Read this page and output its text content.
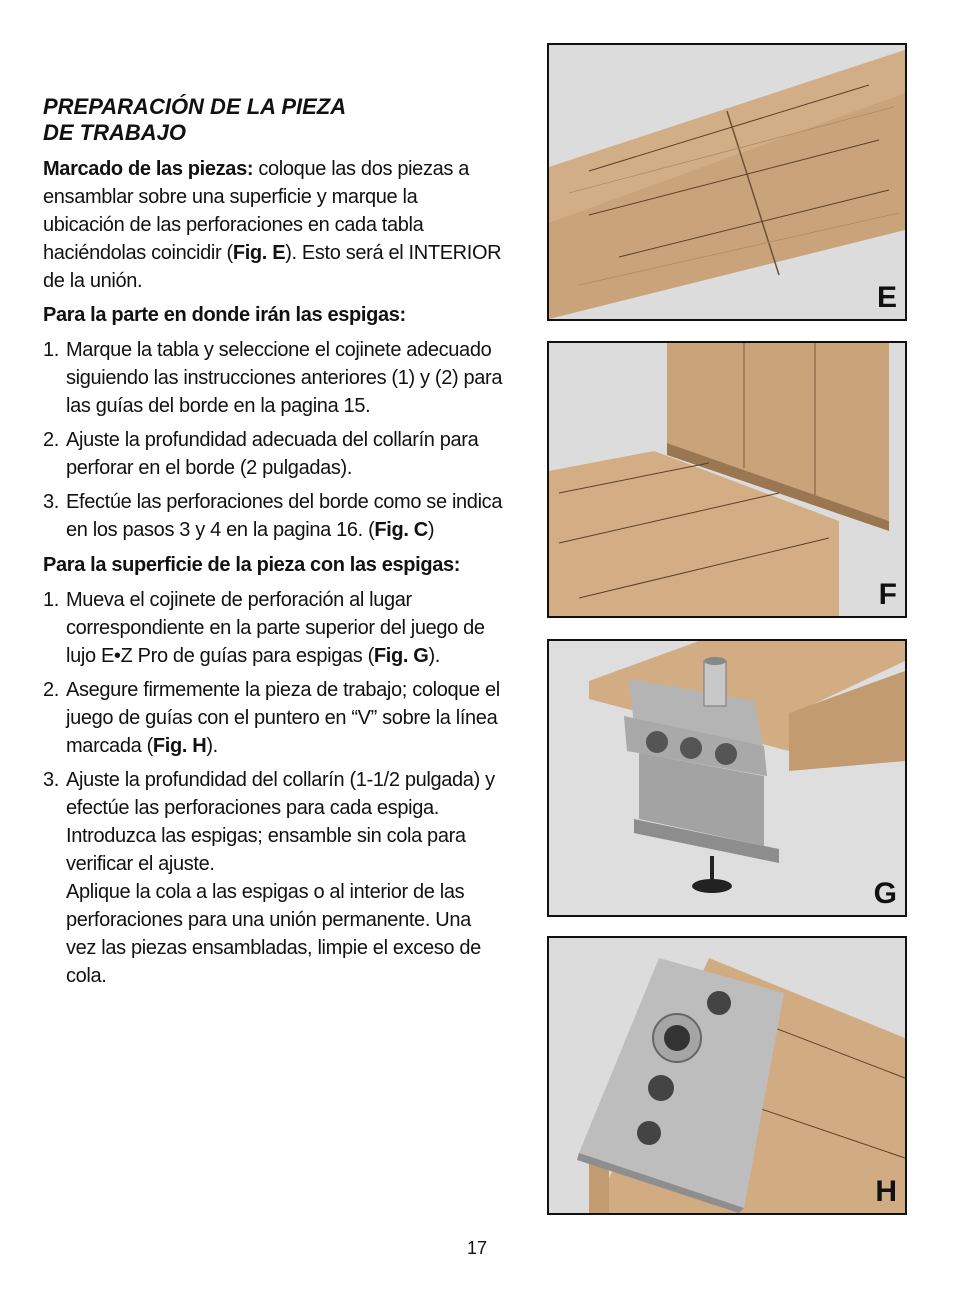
PREPARACIÓN DE LA PIEZA
DE TRABAJO

Marcado de las piezas: coloque las dos piezas a ensamblar sobre una superficie y marque la ubicación de las perforaciones en cada tabla haciéndolas coincidir (Fig. E). Esto será el INTERIOR de la unión.

Para la parte en donde irán las espigas:

1. Marque la tabla y seleccione el cojinete adecuado siguiendo las instrucciones anteriores (1) y (2) para las guías del borde en la pagina 15.
2. Ajuste la profundidad adecuada del collarín para perforar en el borde (2 pulgadas).
3. Efectúe las perforaciones del borde como se indica en los pasos 3 y 4 en la pagina 16. (Fig. C)

Para la superficie de la pieza con las espigas:

1. Mueva el cojinete de perforación al lugar correspondiente en la parte superior del juego de lujo E•Z Pro de guías para espigas (Fig. G).
2. Asegure firmemente la pieza de trabajo; coloque el juego de guías con el puntero en “V” sobre la línea marcada (Fig. H).
3. Ajuste la profundidad del collarín (1-1/2 pulgada) y efectúe las perforaciones para cada espiga. Introduzca las espigas; ensamble sin cola para verificar el ajuste.
Aplique la cola a las espigas o al interior de las perforaciones para una unión permanente. Una vez las piezas ensambladas, limpie el exceso de cola.
E
F
G
H
17
